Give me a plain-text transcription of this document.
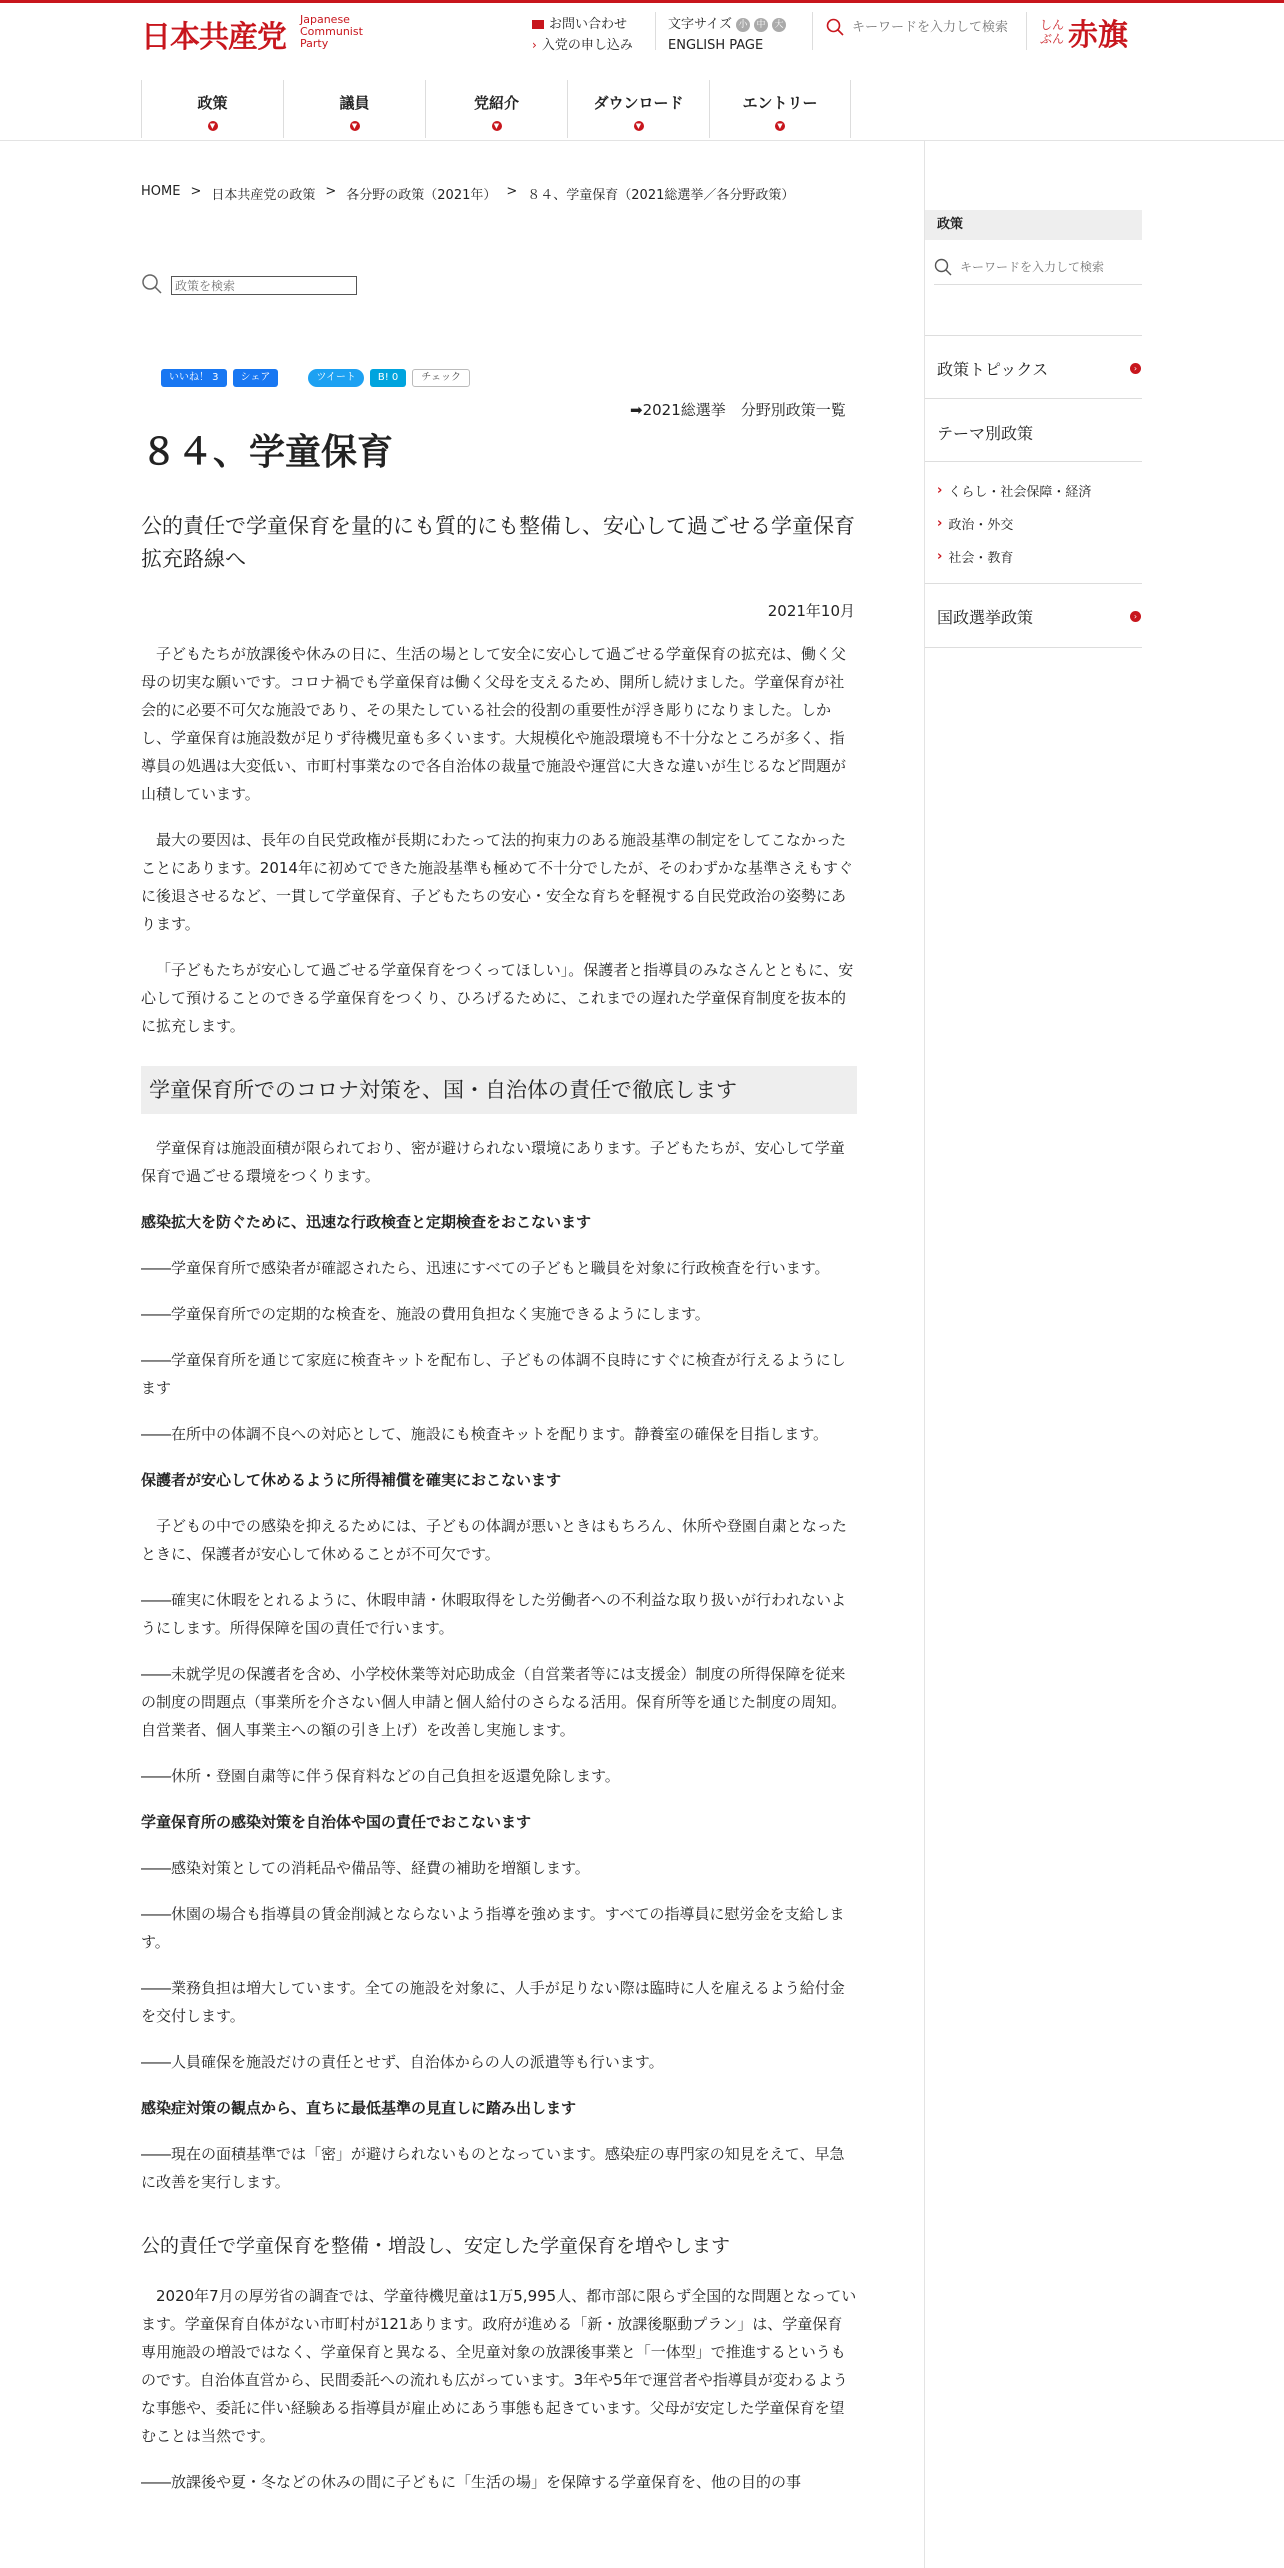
日本共産党
Japanese
Communist
Party
お問い合わせ
› 入党の申し込み
文字サイズ 小 中 大
ENGLISH PAGE
キーワードを入力して検索
しんぶん 赤旗
政策
▼
議員
▼
党紹介
▼
ダウンロード
▼
エントリー
▼
HOME > 日本共産党の政策 > 各分野の政策（2021年） > ８４、学童保育（2021総選挙／各分野政策）
政策を検索
いいね！ 3	シェア	ツイート	B! 0	チェック
➡2021総選挙　分野別政策一覧
８４、学童保育
公的責任で学童保育を量的にも質的にも整備し、安心して過ごせる学童保育拡充路線へ
2021年10月

子どもたちが放課後や休みの日に、生活の場として安全に安心して過ごせる学童保育の拡充は、働く父母の切実な願いです。コロナ禍でも学童保育は働く父母を支えるため、開所し続けました。学童保育が社会的に必要不可欠な施設であり、その果たしている社会的役割の重要性が浮き彫りになりました。しかし、学童保育は施設数が足りず待機児童も多くいます。大規模化や施設環境も不十分なところが多く、指導員の処遇は大変低い、市町村事業なので各自治体の裁量で施設や運営に大きな違いが生じるなど問題が山積しています。

最大の要因は、長年の自民党政権が長期にわたって法的拘束力のある施設基準の制定をしてこなかったことにあります。2014年に初めてできた施設基準も極めて不十分でしたが、そのわずかな基準さえもすぐに後退させるなど、一貫して学童保育、子どもたちの安心・安全な育ちを軽視する自民党政治の姿勢にあります。

「子どもたちが安心して過ごせる学童保育をつくってほしい」。保護者と指導員のみなさんとともに、安心して預けることのできる学童保育をつくり、ひろげるために、これまでの遅れた学童保育制度を抜本的に拡充します。

学童保育所でのコロナ対策を、国・自治体の責任で徹底します

学童保育は施設面積が限られており、密が避けられない環境にあります。子どもたちが、安心して学童保育で過ごせる環境をつくります。

感染拡大を防ぐために、迅速な行政検査と定期検査をおこないます

――学童保育所で感染者が確認されたら、迅速にすべての子どもと職員を対象に行政検査を行います。

――学童保育所での定期的な検査を、施設の費用負担なく実施できるようにします。

――学童保育所を通じて家庭に検査キットを配布し、子どもの体調不良時にすぐに検査が行えるようにします

――在所中の体調不良への対応として、施設にも検査キットを配ります。静養室の確保を目指します。

保護者が安心して休めるように所得補償を確実におこないます

子どもの中での感染を抑えるためには、子どもの体調が悪いときはもちろん、休所や登園自粛となったときに、保護者が安心して休めることが不可欠です。

――確実に休暇をとれるように、休暇申請・休暇取得をした労働者への不利益な取り扱いが行われないようにします。所得保障を国の責任で行います。

――未就学児の保護者を含め、小学校休業等対応助成金（自営業者等には支援金）制度の所得保障を従来の制度の問題点（事業所を介さない個人申請と個人給付のさらなる活用。保育所等を通じた制度の周知。自営業者、個人事業主への額の引き上げ）を改善し実施します。

――休所・登園自粛等に伴う保育料などの自己負担を返還免除します。

学童保育所の感染対策を自治体や国の責任でおこないます

――感染対策としての消耗品や備品等、経費の補助を増額します。

――休園の場合も指導員の賃金削減とならないよう指導を強めます。すべての指導員に慰労金を支給します。

――業務負担は増大しています。全ての施設を対象に、人手が足りない際は臨時に人を雇えるよう給付金を交付します。

――人員確保を施設だけの責任とせず、自治体からの人の派遣等も行います。

感染症対策の観点から、直ちに最低基準の見直しに踏み出します

――現在の面積基準では「密」が避けられないものとなっています。感染症の専門家の知見をえて、早急に改善を実行します。

公的責任で学童保育を整備・増設し、安定した学童保育を増やします

2020年7月の厚労省の調査では、学童待機児童は1万5,995人、都市部に限らず全国的な問題となっています。学童保育自体がない市町村が121あります。政府が進める「新・放課後駆動プラン」は、学童保育専用施設の増設ではなく、学童保育と異なる、全児童対象の放課後事業と「一体型」で推進するというものです。自治体直営から、民間委託への流れも広がっています。3年や5年で運営者や指導員が変わるような事態や、委託に伴い経験ある指導員が雇止めにあう事態も起きています。父母が安定した学童保育を望むことは当然です。

――放課後や夏・冬などの休みの間に子どもに「生活の場」を保障する学童保育を、他の目的の事

政策
キーワードを入力して検索
政策トピックス	›
テーマ別政策
› くらし・社会保障・経済
› 政治・外交
› 社会・教育
国政選挙政策	›
